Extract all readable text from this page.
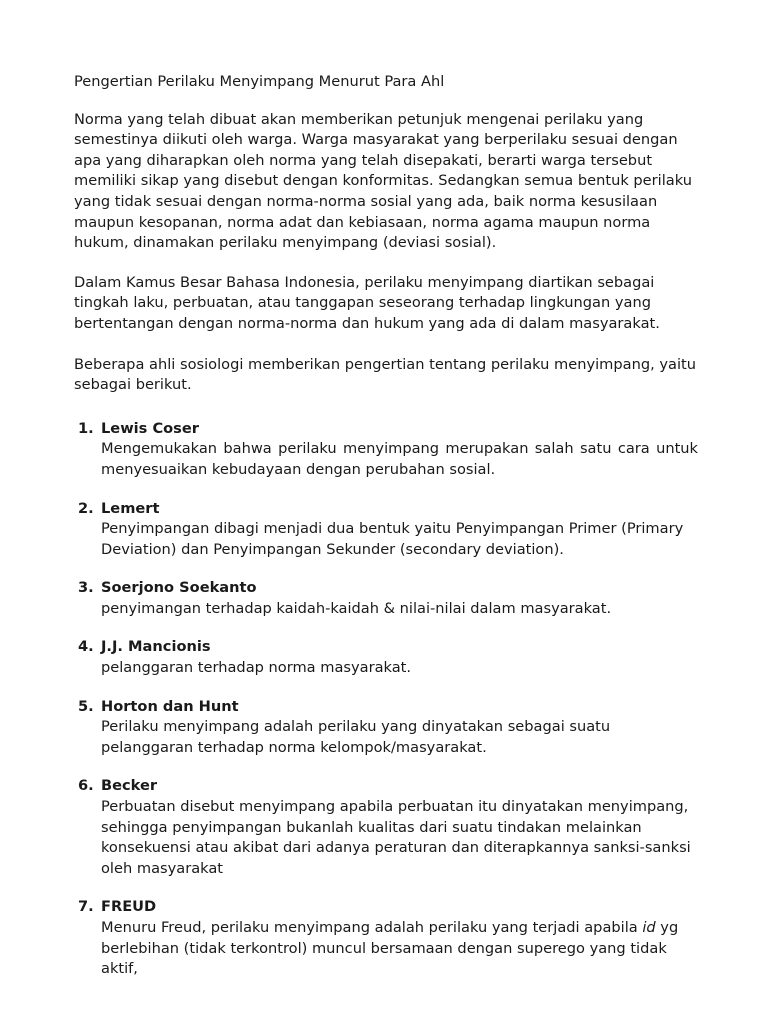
Pengertian Perilaku Menyimpang Menurut Para Ahl

Norma yang telah dibuat akan memberikan petunjuk mengenai perilaku yang semestinya diikuti oleh warga. Warga masyarakat yang berperilaku sesuai dengan apa yang diharapkan oleh norma yang telah disepakati, berarti warga tersebut memiliki sikap yang disebut dengan konformitas. Sedangkan semua bentuk perilaku yang tidak sesuai dengan norma-norma sosial yang ada, baik norma kesusilaan maupun kesopanan, norma adat dan kebiasaan, norma agama maupun norma hukum, dinamakan perilaku menyimpang (deviasi sosial).

Dalam Kamus Besar Bahasa Indonesia, perilaku menyimpang diartikan sebagai tingkah laku, perbuatan, atau tanggapan seseorang terhadap lingkungan yang bertentangan dengan norma-norma dan hukum yang ada di dalam masyarakat.

Beberapa ahli sosiologi memberikan pengertian tentang perilaku menyimpang, yaitu sebagai berikut.

1. Lewis Coser
Mengemukakan bahwa perilaku menyimpang merupakan salah satu cara untuk menyesuaikan kebudayaan dengan perubahan sosial.
2. Lemert
Penyimpangan dibagi menjadi dua bentuk yaitu Penyimpangan Primer (Primary Deviation) dan Penyimpangan Sekunder (secondary deviation).
3. Soerjono Soekanto
penyimangan terhadap kaidah-kaidah & nilai-nilai dalam masyarakat.
4. J.J. Mancionis
pelanggaran terhadap norma masyarakat.
5. Horton dan Hunt
Perilaku menyimpang adalah perilaku yang dinyatakan sebagai suatu pelanggaran terhadap norma kelompok/masyarakat.
6. Becker
Perbuatan disebut menyimpang apabila perbuatan itu dinyatakan menyimpang, sehingga penyimpangan bukanlah kualitas dari suatu tindakan melainkan konsekuensi atau akibat dari adanya peraturan dan diterapkannya sanksi-sanksi oleh masyarakat
7. FREUD
Menuru Freud, perilaku menyimpang adalah perilaku yang terjadi apabila id yg berlebihan (tidak terkontrol) muncul bersamaan dengan superego yang tidak aktif,
